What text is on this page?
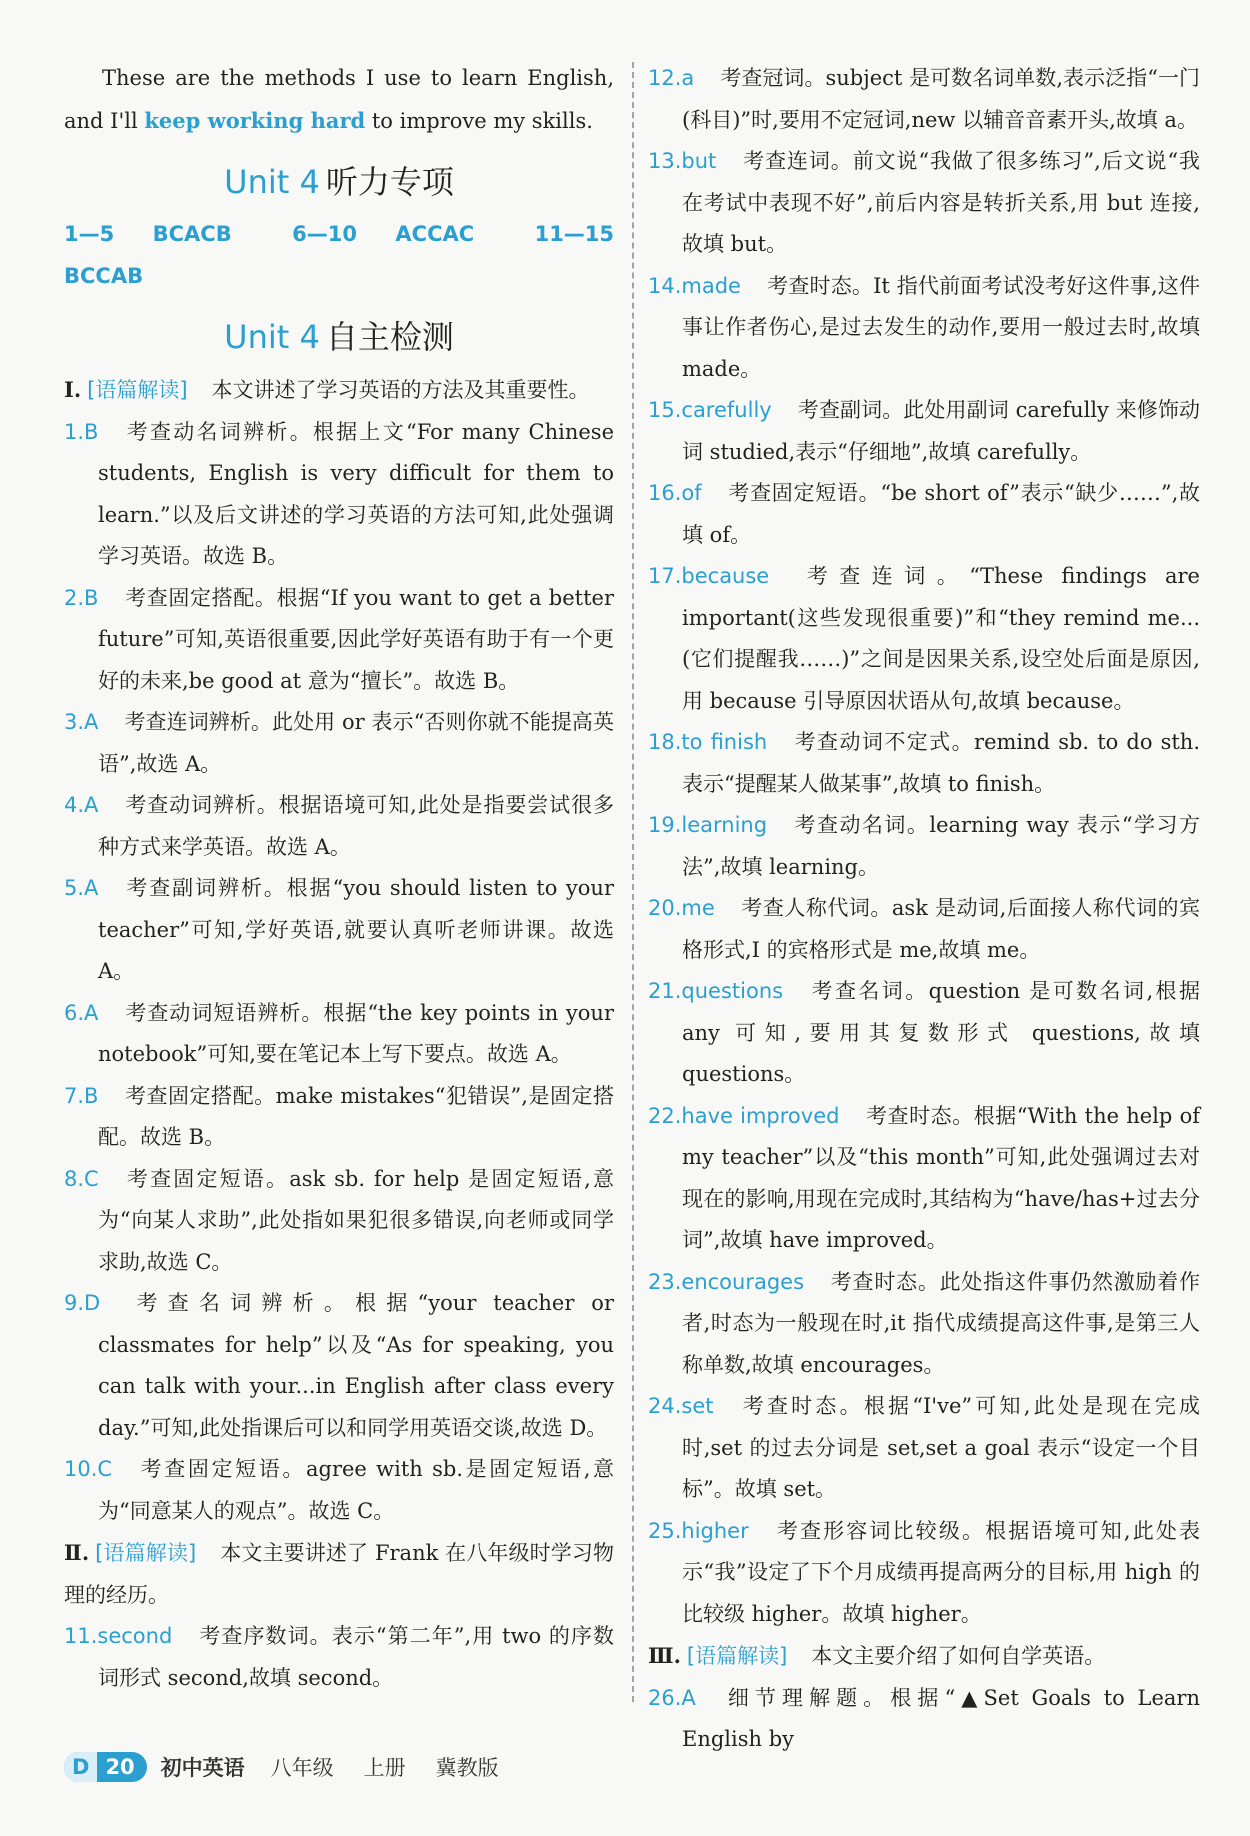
These are the methods I use to learn English, and I'll keep working hard to improve my skills.

Unit 4 听力专项

1—5 BCACB	6—10 ACCAC	11—15 BCCAB

Unit 4 自主检测

Ⅰ. [语篇解读] 本文讲述了学习英语的方法及其重要性。

1.B 考查动名词辨析。根据上文“For many Chinese students, English is very difficult for them to learn.”以及后文讲述的学习英语的方法可知,此处强调学习英语。故选 B。

2.B 考查固定搭配。根据“If you want to get a better future”可知,英语很重要,因此学好英语有助于有一个更好的未来,be good at 意为“擅长”。故选 B。

3.A 考查连词辨析。此处用 or 表示“否则你就不能提高英语”,故选 A。

4.A 考查动词辨析。根据语境可知,此处是指要尝试很多种方式来学英语。故选 A。

5.A 考查副词辨析。根据“you should listen to your teacher”可知,学好英语,就要认真听老师讲课。故选 A。

6.A 考查动词短语辨析。根据“the key points in your notebook”可知,要在笔记本上写下要点。故选 A。

7.B 考查固定搭配。make mistakes“犯错误”,是固定搭配。故选 B。

8.C 考查固定短语。ask sb. for help 是固定短语,意为“向某人求助”,此处指如果犯很多错误,向老师或同学求助,故选 C。

9.D 考查名词辨析。根据“your teacher or classmates for help”以及“As for speaking, you can talk with your...in English after class every day.”可知,此处指课后可以和同学用英语交谈,故选 D。

10.C 考查固定短语。agree with sb.是固定短语,意为“同意某人的观点”。故选 C。

Ⅱ. [语篇解读] 本文主要讲述了 Frank 在八年级时学习物理的经历。

11.second 考查序数词。表示“第二年”,用 two 的序数词形式 second,故填 second。

12.a 考查冠词。subject 是可数名词单数,表示泛指“一门(科目)”时,要用不定冠词,new 以辅音音素开头,故填 a。

13.but 考查连词。前文说“我做了很多练习”,后文说“我在考试中表现不好”,前后内容是转折关系,用 but 连接,故填 but。

14.made 考查时态。It 指代前面考试没考好这件事,这件事让作者伤心,是过去发生的动作,要用一般过去时,故填 made。

15.carefully 考查副词。此处用副词 carefully 来修饰动词 studied,表示“仔细地”,故填 carefully。

16.of 考查固定短语。“be short of”表示“缺少……”,故填 of。

17.because 考查连词。“These findings are important(这些发现很重要)”和“they remind me...(它们提醒我……)”之间是因果关系,设空处后面是原因,用 because 引导原因状语从句,故填 because。

18.to finish 考查动词不定式。remind sb. to do sth.表示“提醒某人做某事”,故填 to finish。

19.learning 考查动名词。learning way 表示“学习方法”,故填 learning。

20.me 考查人称代词。ask 是动词,后面接人称代词的宾格形式,I 的宾格形式是 me,故填 me。

21.questions 考查名词。question 是可数名词,根据 any 可知,要用其复数形式 questions,故填 questions。

22.have improved 考查时态。根据“With the help of my teacher”以及“this month”可知,此处强调过去对现在的影响,用现在完成时,其结构为“have/has+过去分词”,故填 have improved。

23.encourages 考查时态。此处指这件事仍然激励着作者,时态为一般现在时,it 指代成绩提高这件事,是第三人称单数,故填 encourages。

24.set 考查时态。根据“I've”可知,此处是现在完成时,set 的过去分词是 set,set a goal 表示“设定一个目标”。故填 set。

25.higher 考查形容词比较级。根据语境可知,此处表示“我”设定了下个月成绩再提高两分的目标,用 high 的比较级 higher。故填 higher。

Ⅲ. [语篇解读] 本文主要介绍了如何自学英语。

26.A 细节理解题。根据“▲Set Goals to Learn English by

D 20	初中英语 八年级 上册 冀教版
